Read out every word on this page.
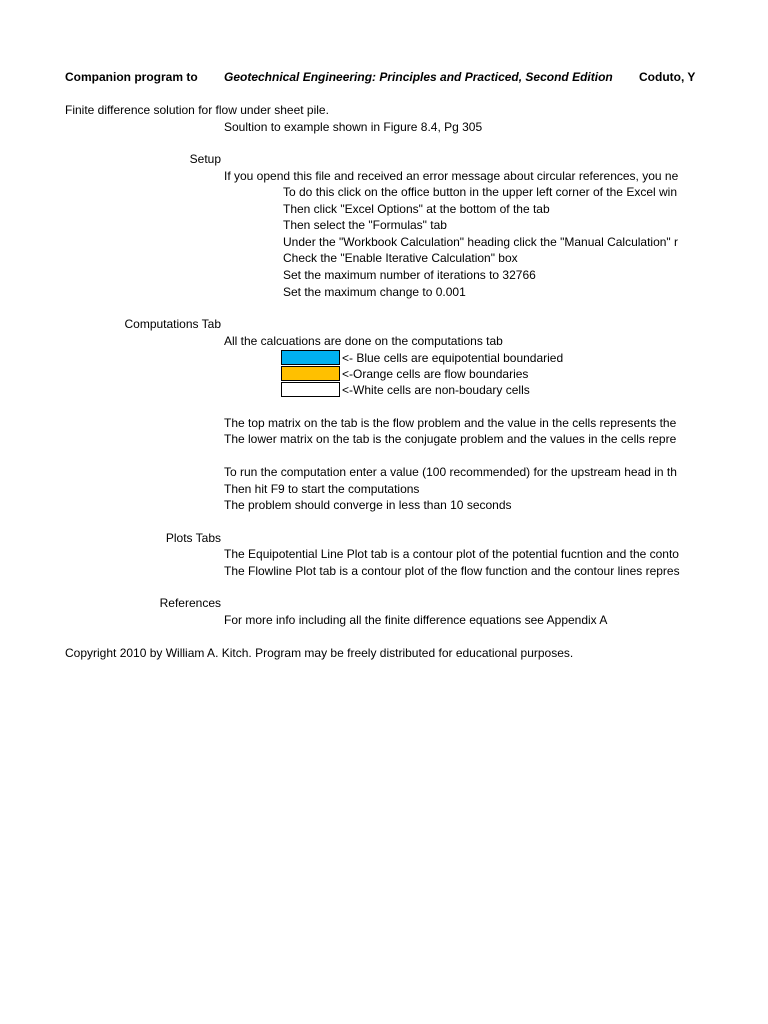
Companion program to Geotechnical Engineering: Principles and Practiced, Second Edition	Coduto, Y
Finite difference solution for flow under sheet pile.
Soultion to example shown in Figure 8.4, Pg 305
Setup
If you opend this file and received an error message about circular references, you ne
To do this click on the office button in the upper left corner of the Excel win
Then click "Excel Options" at the bottom of the tab
Then select the "Formulas" tab
Under the "Workbook Calculation" heading click the "Manual Calculation" r
Check the "Enable Iterative Calculation" box
Set the maximum number of iterations to 32766
Set the maximum change to 0.001
Computations Tab
All the calcuations are done on the computations tab
<- Blue cells are equipotential boundaried
<-Orange cells are flow boundaries
<-White cells are non-boudary cells
The top matrix on the tab is the flow problem and the value in the cells represents the
The lower matrix on the tab is the conjugate problem and the values in the cells repre
To run the computation enter a value (100 recommended) for the upstream head in th
Then hit F9 to start the computations
The problem should converge in less than 10 seconds
Plots Tabs
The Equipotential Line Plot tab is a contour plot of the potential fucntion and the conto
The Flowline Plot tab is a contour plot of the flow function and the contour lines repres
References
For more info including all the finite difference equations see Appendix A
Copyright 2010 by William A. Kitch. Program may be freely distributed for educational purposes.
